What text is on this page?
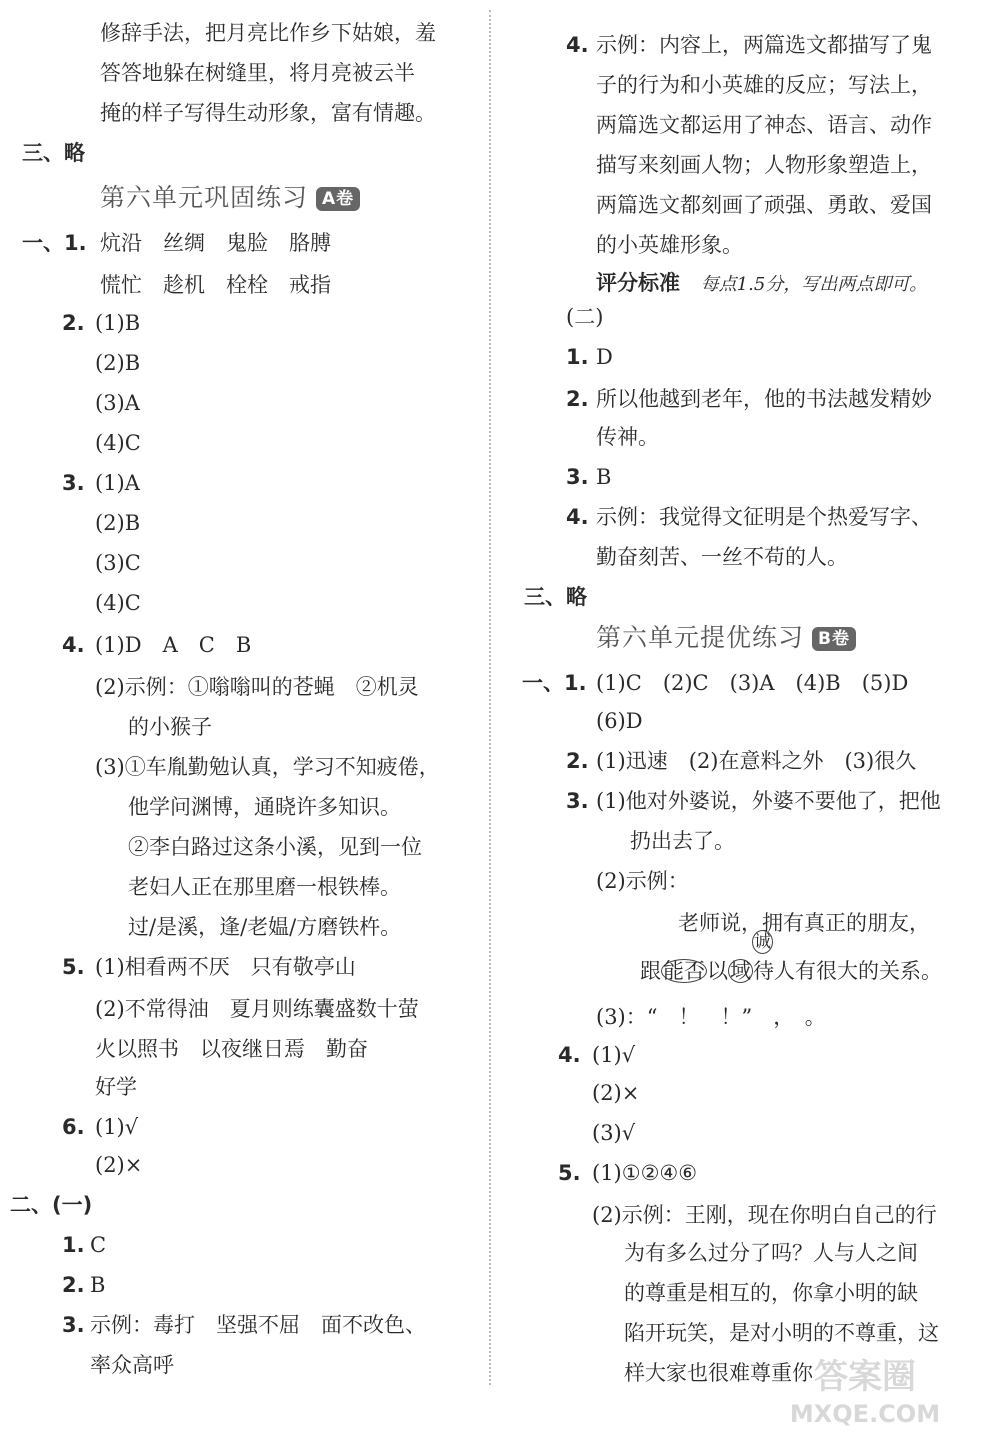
修辞手法，把月亮比作乡下姑娘，羞
答答地躲在树缝里，将月亮被云半
掩的样子写得生动形象，富有情趣。
三、略
第六单元巩固练习 A卷
一、1. 炕沿　丝绸　鬼脸　胳膊
慌忙　趁机　栓栓　戒指
2. (1)B
(2)B
(3)A
(4)C
3. (1)A
(2)B
(3)C
(4)C
4. (1)D　A　C　B
(2)示例：①嗡嗡叫的苍蝇　②机灵
的小猴子
(3)①车胤勤勉认真，学习不知疲倦，
他学问渊博，通晓许多知识。
②李白路过这条小溪，见到一位
老妇人正在那里磨一根铁棒。
过/是溪，逢/老媪/方磨铁杵。
5. (1)相看两不厌　只有敬亭山
(2)不常得油　夏月则练囊盛数十萤
火以照书　以夜继日焉　勤奋
好学
6. (1)√
(2)×
二、(一)
1. C
2. B
3. 示例：毒打　坚强不屈　面不改色、
率众高呼
4. 示例：内容上，两篇选文都描写了鬼
子的行为和小英雄的反应；写法上，
两篇选文都运用了神态、语言、动作
描写来刻画人物；人物形象塑造上，
两篇选文都刻画了顽强、勇敢、爱国
的小英雄形象。
评分标准 每点1.5分，写出两点即可。
(二)
1. D
2. 所以他越到老年，他的书法越发精妙
传神。
3. B
4. 示例：我觉得文征明是个热爱写字、
勤奋刻苦、一丝不苟的人。
三、略
第六单元提优练习 B卷
一、1. (1)C　(2)C　(3)A　(4)B　(5)D
(6)D
2. (1)迅速　(2)在意料之外　(3)很久
3. (1)他对外婆说，外婆不要他了，把他
扔出去了。
(2)示例：
老师说，拥有真正的朋友，
诚
跟能否以域待人有很大的关系。
(3)：“　！　！”　，　。
4. (1)√
(2)×
(3)√
5. (1)①②④⑥
(2)示例：王刚，现在你明白自己的行
为有多么过分了吗？人与人之间
的尊重是相互的，你拿小明的缺
陷开玩笑，是对小明的不尊重，这
样大家也很难尊重你 答案圈
MXQE.COM
